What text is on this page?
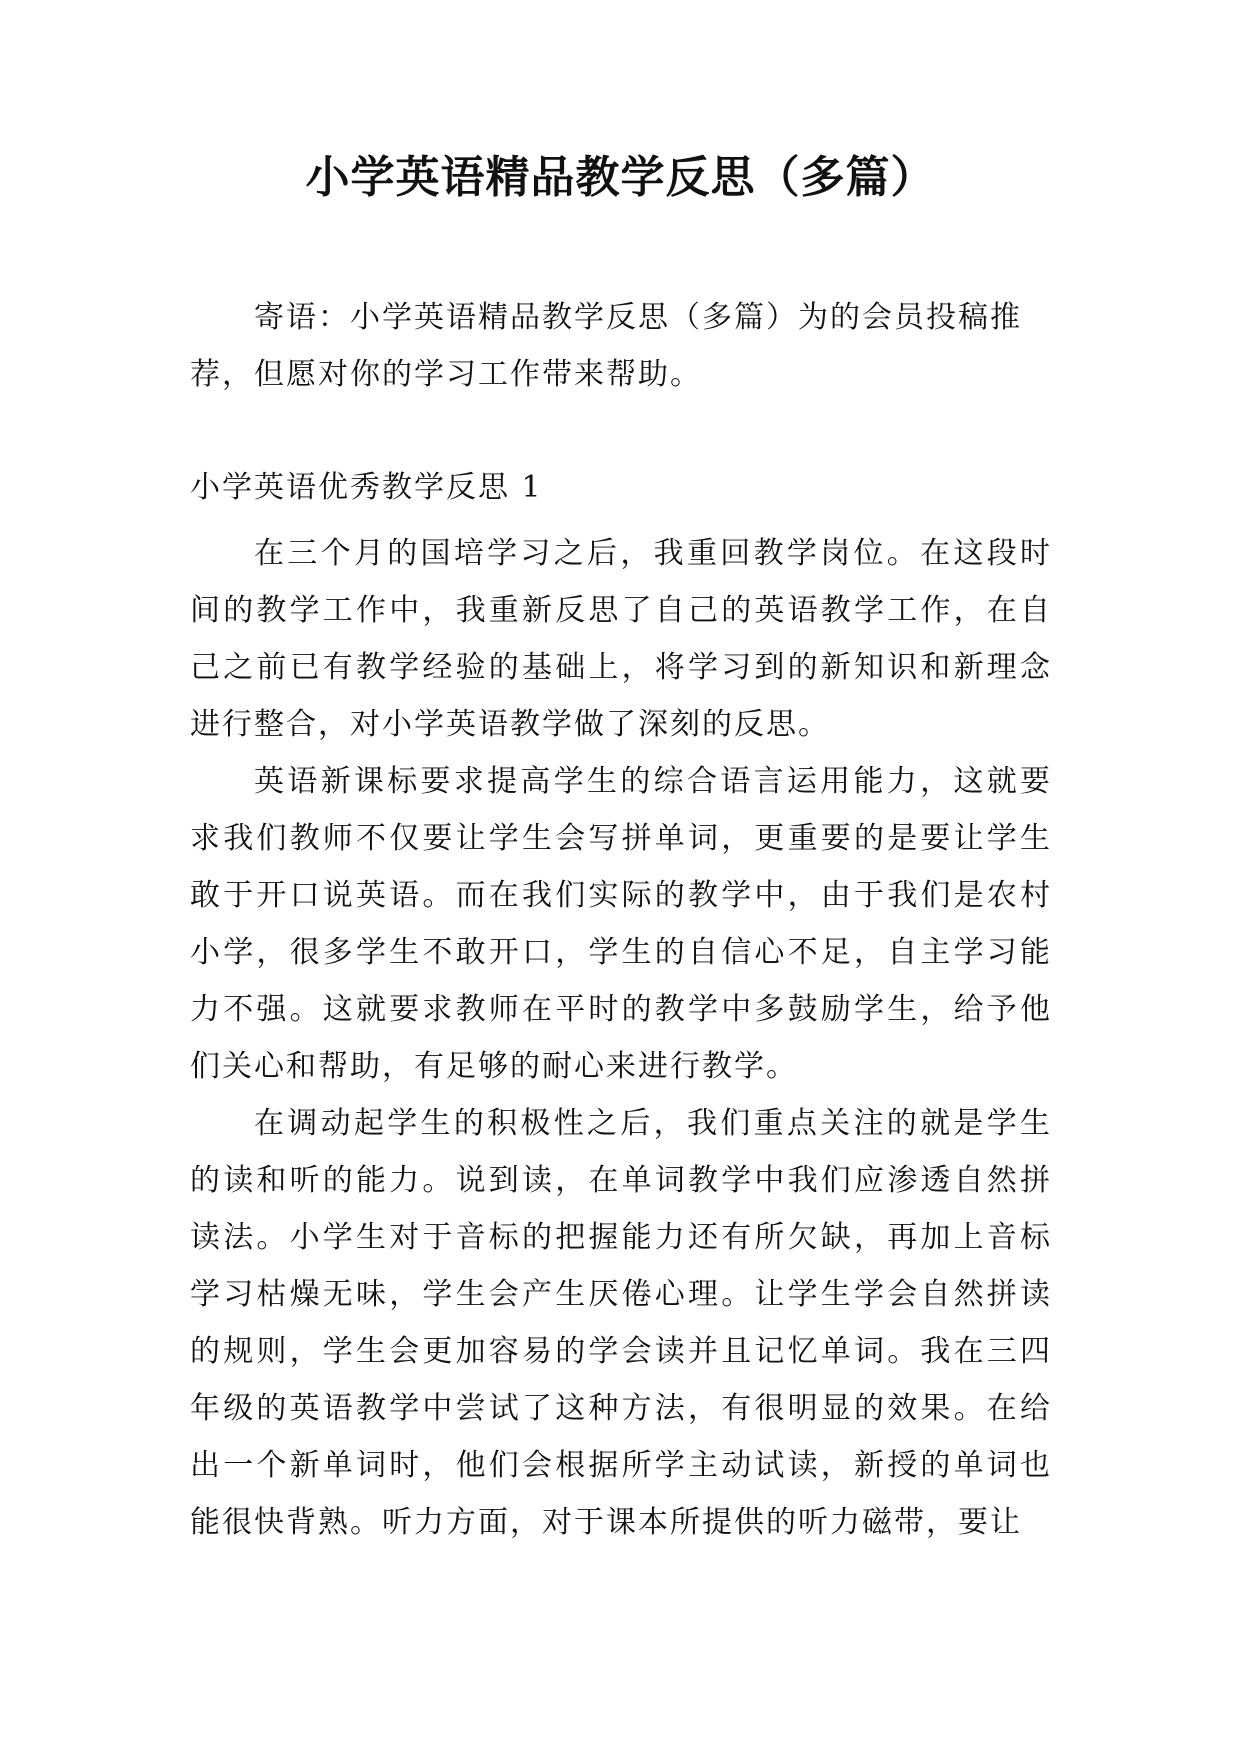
小学英语精品教学反思（多篇）

寄语：小学英语精品教学反思（多篇）为的会员投稿推荐，但愿对你的学习工作带来帮助。

小学英语优秀教学反思 1

在三个月的国培学习之后，我重回教学岗位。在这段时间的教学工作中，我重新反思了自己的英语教学工作，在自己之前已有教学经验的基础上，将学习到的新知识和新理念进行整合，对小学英语教学做了深刻的反思。

英语新课标要求提高学生的综合语言运用能力，这就要求我们教师不仅要让学生会写拼单词，更重要的是要让学生敢于开口说英语。而在我们实际的教学中，由于我们是农村小学，很多学生不敢开口，学生的自信心不足，自主学习能力不强。这就要求教师在平时的教学中多鼓励学生，给予他们关心和帮助，有足够的耐心来进行教学。

在调动起学生的积极性之后，我们重点关注的就是学生的读和听的能力。说到读，在单词教学中我们应渗透自然拼读法。小学生对于音标的把握能力还有所欠缺，再加上音标学习枯燥无味，学生会产生厌倦心理。让学生学会自然拼读的规则，学生会更加容易的学会读并且记忆单词。我在三四年级的英语教学中尝试了这种方法，有很明显的效果。在给出一个新单词时，他们会根据所学主动试读，新授的单词也能很快背熟。听力方面，对于课本所提供的听力磁带，要让
